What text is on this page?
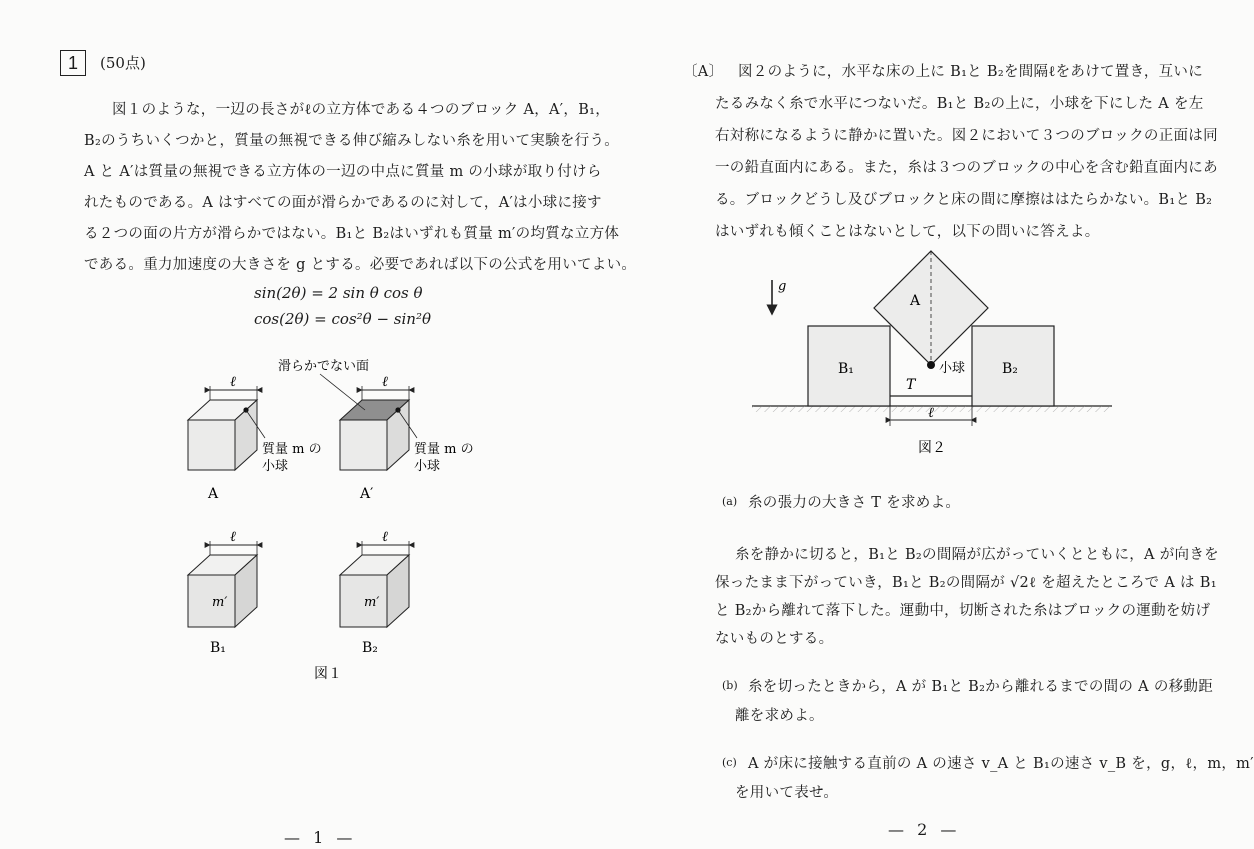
1	(50点)
図１のような，一辺の長さがℓの立方体である４つのブロック A，A′，B₁，
B₂のうちいくつかと，質量の無視できる伸び縮みしない糸を用いて実験を行う。
A と A′は質量の無視できる立方体の一辺の中点に質量 m の小球が取り付けら
れたものである。A はすべての面が滑らかであるのに対して，A′は小球に接す
る２つの面の片方が滑らかではない。B₁と B₂はいずれも質量 m′の均質な立方体
である。重力加速度の大きさを g とする。必要であれば以下の公式を用いてよい。
sin(2θ) = 2 sin θ cos θ
cos(2θ) = cos²θ − sin²θ
ℓ
質量 m の
小球
A
滑らかでない面
ℓ
質量 m の
小球
A′
ℓ
m′
B₁
ℓ
m′
B₂
図１
— 1 —
〔A〕 図２のように，水平な床の上に B₁と B₂を間隔ℓをあけて置き，互いに
たるみなく糸で水平につないだ。B₁と B₂の上に，小球を下にした A を左
右対称になるように静かに置いた。図２において３つのブロックの正面は同
一の鉛直面内にある。また，糸は３つのブロックの中心を含む鉛直面内にあ
る。ブロックどうし及びブロックと床の間に摩擦ははたらかない。B₁と B₂
はいずれも傾くことはないとして，以下の問いに答えよ。
g
A
B₁	B₂
小球
T
ℓ
図２
(a) 糸の張力の大きさ T を求めよ。
糸を静かに切ると，B₁と B₂の間隔が広がっていくとともに，A が向きを
保ったまま下がっていき，B₁と B₂の間隔が √2ℓ を超えたところで A は B₁
と B₂から離れて落下した。運動中，切断された糸はブロックの運動を妨げ
ないものとする。
(b) 糸を切ったときから，A が B₁と B₂から離れるまでの間の A の移動距
離を求めよ。
(c) A が床に接触する直前の A の速さ v_A と B₁の速さ v_B を，g，ℓ，m，m′
を用いて表せ。
— 2 —
